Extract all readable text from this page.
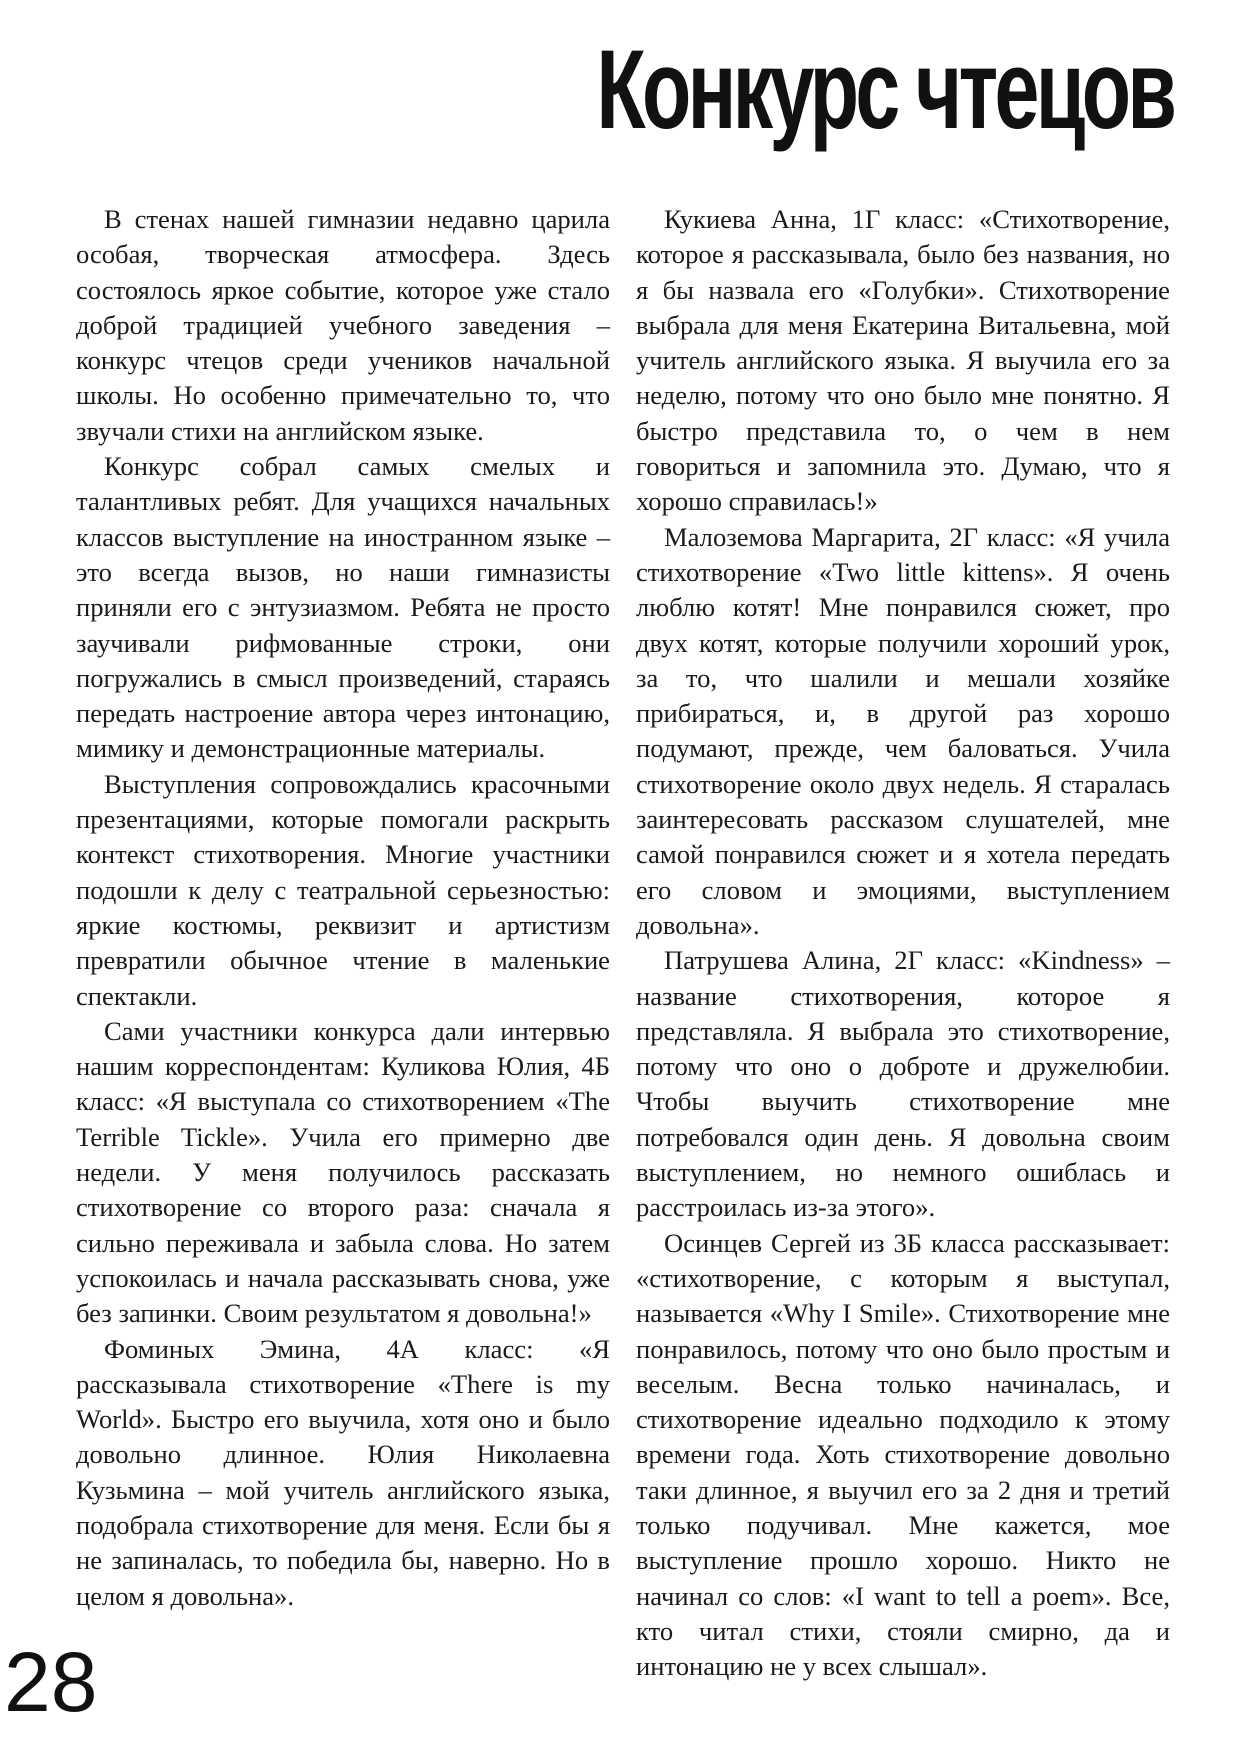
Конкурс чтецов

В стенах нашей гимназии недавно царила особая, творческая атмосфера. Здесь состоялось яркое событие, которое уже стало доброй традицией учебного заведения – конкурс чтецов среди учеников начальной школы. Но особенно примечательно то, что звучали стихи на английском языке.

Конкурс собрал самых смелых и талантливых ребят. Для учащихся начальных классов выступление на иностранном языке – это всегда вызов, но наши гимназисты приняли его с энтузиазмом. Ребята не просто заучивали рифмованные строки, они погружались в смысл произведений, стараясь передать настроение автора через интонацию, мимику и демонстрационные материалы.

Выступления сопровождались красочными презентациями, которые помогали раскрыть контекст стихотворения. Многие участники подошли к делу с театральной серьезностью: яркие костюмы, реквизит и артистизм превратили обычное чтение в маленькие спектакли.

Сами участники конкурса дали интервью нашим корреспондентам: Куликова Юлия, 4Б класс: «Я выступала со стихотворением «The Terrible Tickle». Учила его примерно две недели. У меня получилось рассказать стихотворение со второго раза: сначала я сильно переживала и забыла слова. Но затем успокоилась и начала рассказывать снова, уже без запинки. Своим результатом я довольна!»

Фоминых Эмина, 4А класс: «Я рассказывала стихотворение «There is my World». Быстро его выучила, хотя оно и было довольно длинное. Юлия Николаевна Кузьмина – мой учитель английского языка, подобрала стихотворение для меня. Если бы я не запиналась, то победила бы, наверно. Но в целом я довольна».

Кукиева Анна, 1Г класс: «Стихотворение, которое я рассказывала, было без названия, но я бы назвала его «Голубки». Стихотворение выбрала для меня Екатерина Витальевна, мой учитель английского языка. Я выучила его за неделю, потому что оно было мне понятно. Я быстро представила то, о чем в нем говориться и запомнила это. Думаю, что я хорошо справилась!»

Малоземова Маргарита, 2Г класс: «Я учила стихотворение «Two little kittens». Я очень люблю котят! Мне понравился сюжет, про двух котят, которые получили хороший урок, за то, что шалили и мешали хозяйке прибираться, и, в другой раз хорошо подумают, прежде, чем баловаться. Учила стихотворение около двух недель. Я старалась заинтересовать рассказом слушателей, мне самой понравился сюжет и я хотела передать его словом и эмоциями, выступлением довольна».

Патрушева Алина, 2Г класс: «Kindness» – название стихотворения, которое я представляла. Я выбрала это стихотворение, потому что оно о доброте и дружелюбии. Чтобы выучить стихотворение мне потребовался один день. Я довольна своим выступлением, но немного ошиблась и расстроилась из-за этого».

Осинцев Сергей из 3Б класса рассказывает: «стихотворение, с которым я выступал, называется «Why I Smile». Стихотворение мне понравилось, потому что оно было простым и веселым. Весна только начиналась, и стихотворение идеально подходило к этому времени года. Хоть стихотворение довольно таки длинное, я выучил его за 2 дня и третий только подучивал. Мне кажется, мое выступление прошло хорошо. Никто не начинал со слов: «I want to tell a poem». Все, кто читал стихи, стояли смирно, да и интонацию не у всех слышал».

28
